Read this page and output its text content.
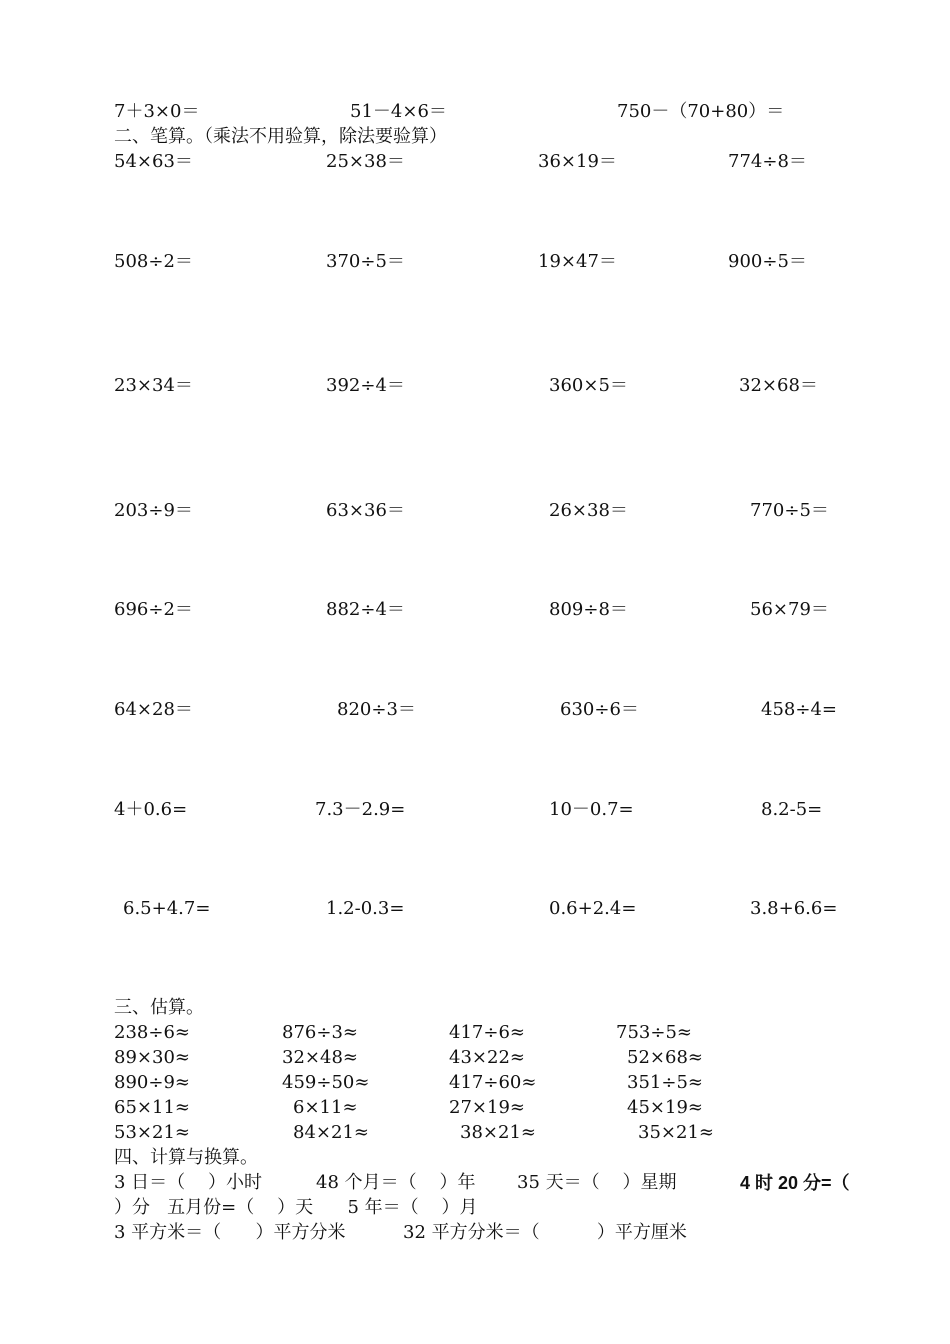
7＋3×0＝	51－4×6＝	750－（70+80）＝
二、笔算。（乘法不用验算，除法要验算）
54×63＝	25×38＝	36×19＝	774÷8＝
508÷2＝	370÷5＝	19×47＝	900÷5＝
23×34＝	392÷4＝	360×5＝	32×68＝
203÷9＝	63×36＝	26×38＝	770÷5＝
696÷2＝	882÷4＝	809÷8＝	56×79＝
64×28＝	820÷3＝	630÷6＝	458÷4=
4＋0.6=	7.3－2.9=	10－0.7=	8.2-5=
6.5+4.7=	1.2-0.3=	0.6+2.4=	3.8+6.6=
三、估算。
238÷6≈	876÷3≈	417÷6≈	753÷5≈
89×30≈	32×48≈	43×22≈	52×68≈
890÷9≈	459÷50≈	417÷60≈	351÷5≈
65×11≈	6×11≈	27×19≈	45×19≈
53×21≈	84×21≈	38×21≈	35×21≈
四、计算与换算。
3 日＝（    ）小时	48 个月＝（    ）年 35 天＝（    ）星期	4 时 20 分=（
）分   五月份=（    ）天      5 年＝（    ）月
3 平方米＝（      ）平方分米	32 平方分米＝（          ）平方厘米
